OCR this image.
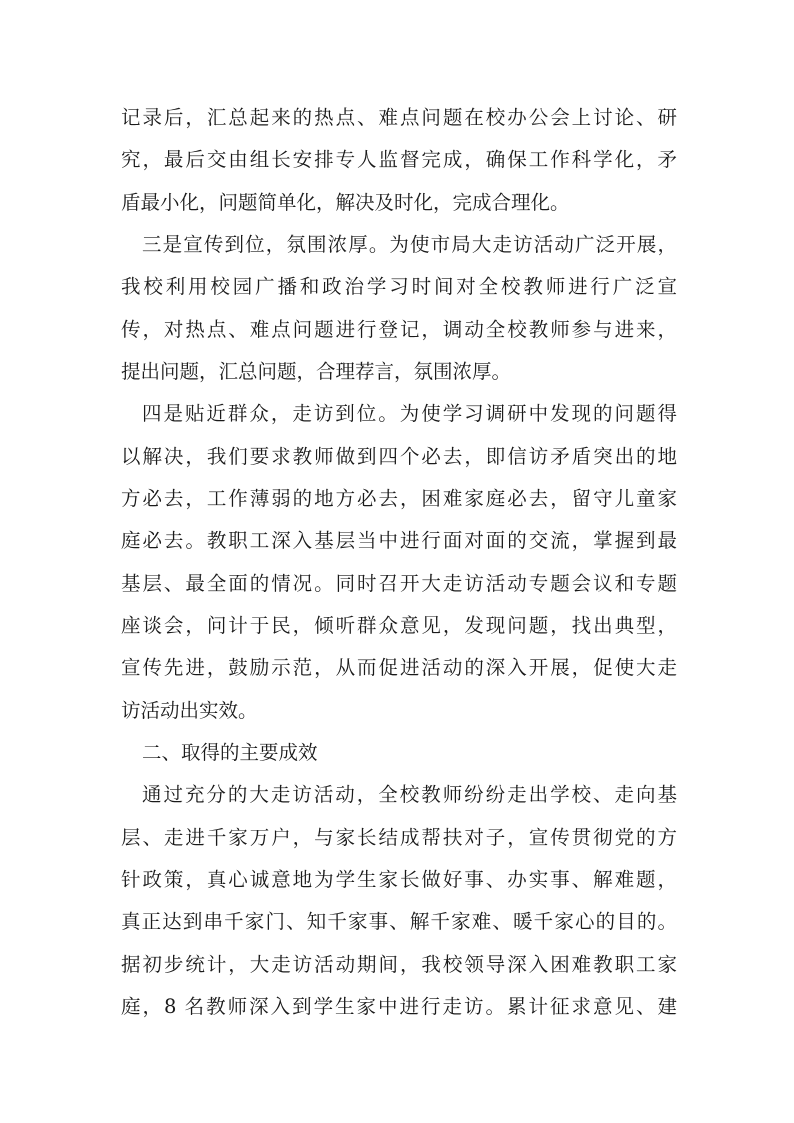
记录后，汇总起来的热点、难点问题在校办公会上讨论、研
究，最后交由组长安排专人监督完成，确保工作科学化，矛
盾最小化，问题简单化，解决及时化，完成合理化。
三是宣传到位，氛围浓厚。为使市局大走访活动广泛开展，
我校利用校园广播和政治学习时间对全校教师进行广泛宣
传，对热点、难点问题进行登记，调动全校教师参与进来，
提出问题，汇总问题，合理荐言，氛围浓厚。
四是贴近群众，走访到位。为使学习调研中发现的问题得
以解决，我们要求教师做到四个必去，即信访矛盾突出的地
方必去，工作薄弱的地方必去，困难家庭必去，留守儿童家
庭必去。教职工深入基层当中进行面对面的交流，掌握到最
基层、最全面的情况。同时召开大走访活动专题会议和专题
座谈会，问计于民，倾听群众意见，发现问题，找出典型，
宣传先进，鼓励示范，从而促进活动的深入开展，促使大走
访活动出实效。
二、取得的主要成效
通过充分的大走访活动，全校教师纷纷走出学校、走向基
层、走进千家万户，与家长结成帮扶对子，宣传贯彻党的方
针政策，真心诚意地为学生家长做好事、办实事、解难题，
真正达到串千家门、知千家事、解千家难、暖千家心的目的。
据初步统计，大走访活动期间，我校领导深入困难教职工家
庭，8 名教师深入到学生家中进行走访。累计征求意见、建
